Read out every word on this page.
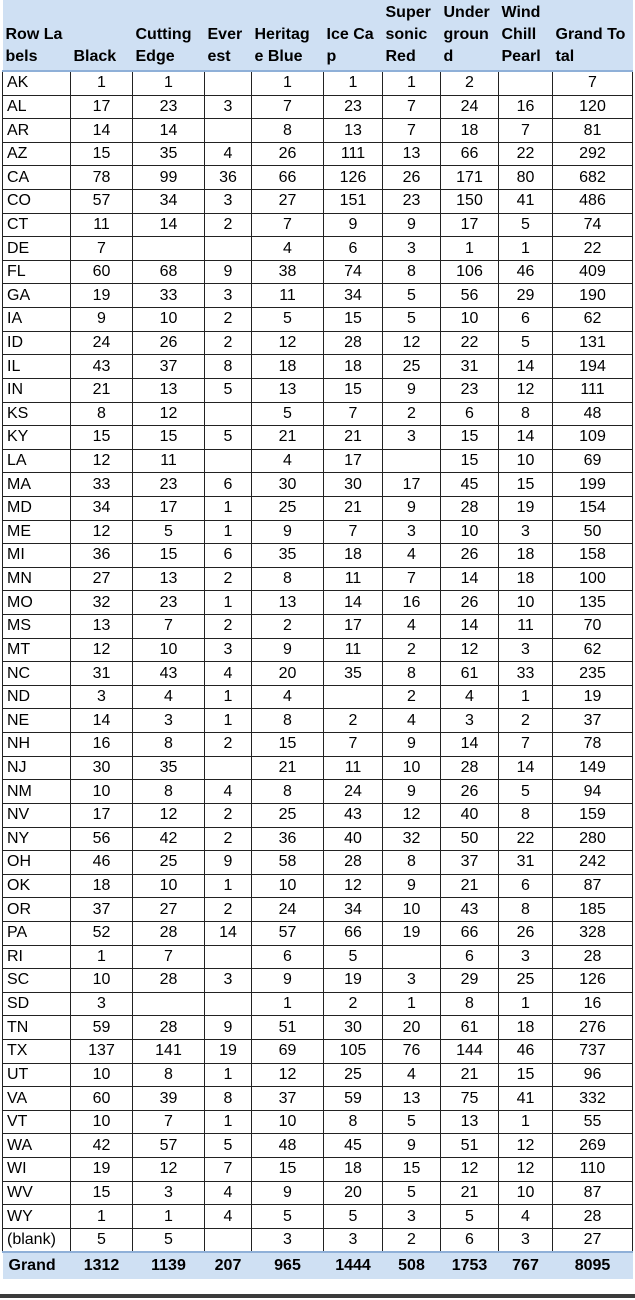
Row Labels	Black	Cutting Edge	Ever est	Heritag e Blue	Ice Cap	Super sonic Red	Under groun d	Wind Chill Pearl	Grand Total
AK	1	1		1	1	1	2		7
AL	17	23	3	7	23	7	24	16	120
AR	14	14		8	13	7	18	7	81
AZ	15	35	4	26	111	13	66	22	292
CA	78	99	36	66	126	26	171	80	682
CO	57	34	3	27	151	23	150	41	486
CT	11	14	2	7	9	9	17	5	74
DE	7			4	6	3	1	1	22
FL	60	68	9	38	74	8	106	46	409
GA	19	33	3	11	34	5	56	29	190
IA	9	10	2	5	15	5	10	6	62
ID	24	26	2	12	28	12	22	5	131
IL	43	37	8	18	18	25	31	14	194
IN	21	13	5	13	15	9	23	12	111
KS	8	12		5	7	2	6	8	48
KY	15	15	5	21	21	3	15	14	109
LA	12	11		4	17		15	10	69
MA	33	23	6	30	30	17	45	15	199
MD	34	17	1	25	21	9	28	19	154
ME	12	5	1	9	7	3	10	3	50
MI	36	15	6	35	18	4	26	18	158
MN	27	13	2	8	11	7	14	18	100
MO	32	23	1	13	14	16	26	10	135
MS	13	7	2	2	17	4	14	11	70
MT	12	10	3	9	11	2	12	3	62
NC	31	43	4	20	35	8	61	33	235
ND	3	4	1	4		2	4	1	19
NE	14	3	1	8	2	4	3	2	37
NH	16	8	2	15	7	9	14	7	78
NJ	30	35		21	11	10	28	14	149
NM	10	8	4	8	24	9	26	5	94
NV	17	12	2	25	43	12	40	8	159
NY	56	42	2	36	40	32	50	22	280
OH	46	25	9	58	28	8	37	31	242
OK	18	10	1	10	12	9	21	6	87
OR	37	27	2	24	34	10	43	8	185
PA	52	28	14	57	66	19	66	26	328
RI	1	7		6	5		6	3	28
SC	10	28	3	9	19	3	29	25	126
SD	3			1	2	1	8	1	16
TN	59	28	9	51	30	20	61	18	276
TX	137	141	19	69	105	76	144	46	737
UT	10	8	1	12	25	4	21	15	96
VA	60	39	8	37	59	13	75	41	332
VT	10	7	1	10	8	5	13	1	55
WA	42	57	5	48	45	9	51	12	269
WI	19	12	7	15	18	15	12	12	110
WV	15	3	4	9	20	5	21	10	87
WY	1	1	4	5	5	3	5	4	28
(blank)	5	5		3	3	2	6	3	27
Grand	1312	1139	207	965	1444	508	1753	767	8095
